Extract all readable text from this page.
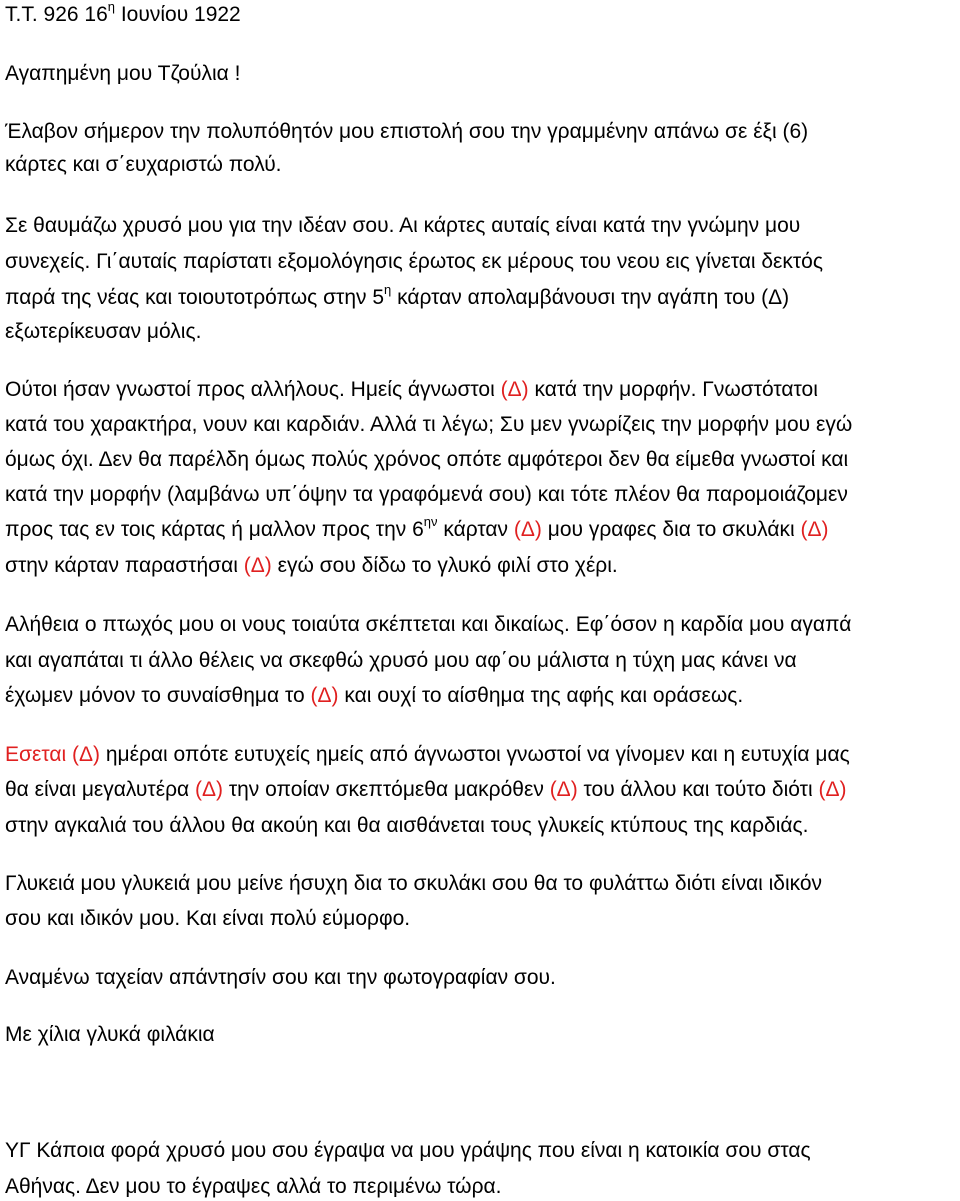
Τ.Τ. 926 $16^\eta$ Ιουνίου 1922
Αγαπημένη μου Τζούλια !
Έλαβον σήμερον την πολυπόθητόν μου επιστολή σου την γραμμένην απάνω σε έξι (6)
κάρτες και σ΄ευχαριστώ πολύ.
Σε θαυμάζω χρυσό μου για την ιδέαν σου. Αι κάρτες αυταίς είναι κατά την γνώμην μου
συνεχείς. Γι΄αυταίς παρίστατι εξομολόγησις έρωτος εκ μέρους του νεου εις γίνεται δεκτός
παρά της νέας και τοιουτοτρόπως στην $5^\eta$ κάρταν απολαμβάνουσι την αγάπη του (Δ)
εξωτερίκευσαν μόλις.
Ούτοι ήσαν γνωστοί προς αλλήλους. Ημείς άγνωστοι (Δ) κατά την μορφήν. Γνωστότατοι
κατά του χαρακτήρα, νουν και καρδιάν. Αλλά τι λέγω; Συ μεν γνωρίζεις την μορφήν μου εγώ
όμως όχι. Δεν θα παρέλδη όμως πολύς χρόνος οπότε αμφότεροι δεν θα είμεθα γνωστοί και
κατά την μορφήν (λαμβάνω υπ΄όψην τα γραφόμενά σου) και τότε πλέον θα παρομοιάζομεν
προς τας εν τοις κάρτας ή μαλλον προς την $6^{\eta\nu}$ κάρταν (Δ) μου γραφες δια το σκυλάκι (Δ)
στην κάρταν παραστήσαι (Δ) εγώ σου δίδω το γλυκό φιλί στο χέρι.
Αλήθεια ο πτωχός μου οι νους τοιαύτα σκέπτεται και δικαίως. Εφ΄όσον η καρδία μου αγαπά
και αγαπάται τι άλλο θέλεις να σκεφθώ χρυσό μου αφ΄ου μάλιστα η τύχη μας κάνει να
έχωμεν μόνον το συναίσθημα το (Δ) και ουχί το αίσθημα της αφής και οράσεως.
Εσεται (Δ) ημέραι οπότε ευτυχείς ημείς από άγνωστοι γνωστοί να γίνομεν και η ευτυχία μας
θα είναι μεγαλυτέρα (Δ) την οποίαν σκεπτόμεθα μακρόθεν (Δ) του άλλου και τούτο διότι (Δ)
στην αγκαλιά του άλλου θα ακούη και θα αισθάνεται τους γλυκείς κτύπους της καρδιάς.
Γλυκειά μου γλυκειά μου μείνε ήσυχη δια το σκυλάκι σου θα το φυλάττω διότι είναι ιδικόν
σου και ιδικόν μου. Και είναι πολύ εύμορφο.
Αναμένω ταχείαν απάντησίν σου και την φωτογραφίαν σου.
Με χίλια γλυκά φιλάκια
ΥΓ Κάποια φορά χρυσό μου σου έγραψα να μου γράψης που είναι η κατοικία σου στας
Αθήνας. Δεν μου το έγραψες αλλά το περιμένω τώρα.
